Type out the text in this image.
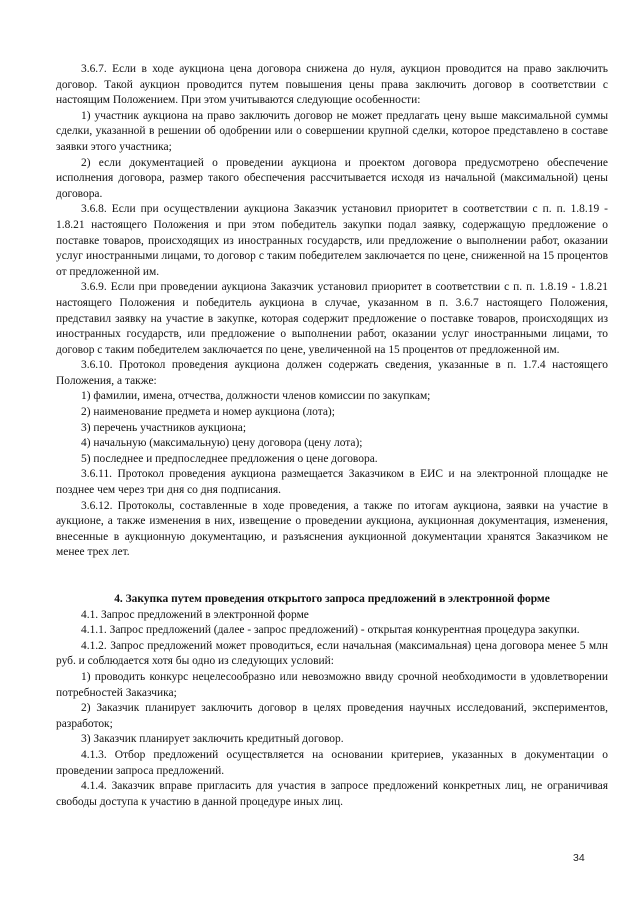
3.6.7. Если в ходе аукциона цена договора снижена до нуля, аукцион проводится на право заключить договор. Такой аукцион проводится путем повышения цены права заключить договор в соответствии с настоящим Положением. При этом учитываются следующие особенности:

1) участник аукциона на право заключить договор не может предлагать цену выше максимальной суммы сделки, указанной в решении об одобрении или о совершении крупной сделки, которое представлено в составе заявки этого участника;

2) если документацией о проведении аукциона и проектом договора предусмотрено обеспечение исполнения договора, размер такого обеспечения рассчитывается исходя из начальной (максимальной) цены договора.

3.6.8. Если при осуществлении аукциона Заказчик установил приоритет в соответствии с п. п. 1.8.19 - 1.8.21 настоящего Положения и при этом победитель закупки подал заявку, содержащую предложение о поставке товаров, происходящих из иностранных государств, или предложение о выполнении работ, оказании услуг иностранными лицами, то договор с таким победителем заключается по цене, сниженной на 15 процентов от предложенной им.

3.6.9. Если при проведении аукциона Заказчик установил приоритет в соответствии с п. п. 1.8.19 - 1.8.21 настоящего Положения и победитель аукциона в случае, указанном в п. 3.6.7 настоящего Положения, представил заявку на участие в закупке, которая содержит предложение о поставке товаров, происходящих из иностранных государств, или предложение о выполнении работ, оказании услуг иностранными лицами, то договор с таким победителем заключается по цене, увеличенной на 15 процентов от предложенной им.

3.6.10. Протокол проведения аукциона должен содержать сведения, указанные в п. 1.7.4 настоящего Положения, а также:

1) фамилии, имена, отчества, должности членов комиссии по закупкам;

2) наименование предмета и номер аукциона (лота);

3) перечень участников аукциона;

4) начальную (максимальную) цену договора (цену лота);

5) последнее и предпоследнее предложения о цене договора.

3.6.11. Протокол проведения аукциона размещается Заказчиком в ЕИС и на электронной площадке не позднее чем через три дня со дня подписания.

3.6.12. Протоколы, составленные в ходе проведения, а также по итогам аукциона, заявки на участие в аукционе, а также изменения в них, извещение о проведении аукциона, аукционная документация, изменения, внесенные в аукционную документацию, и разъяснения аукционной документации хранятся Заказчиком не менее трех лет.

4. Закупка путем проведения открытого запроса предложений в электронной форме

4.1. Запрос предложений в электронной форме

4.1.1. Запрос предложений (далее - запрос предложений) - открытая конкурентная процедура закупки.

4.1.2. Запрос предложений может проводиться, если начальная (максимальная) цена договора менее 5 млн руб. и соблюдается хотя бы одно из следующих условий:

1) проводить конкурс нецелесообразно или невозможно ввиду срочной необходимости в удовлетворении потребностей Заказчика;

2) Заказчик планирует заключить договор в целях проведения научных исследований, экспериментов, разработок;

3) Заказчик планирует заключить кредитный договор.

4.1.3. Отбор предложений осуществляется на основании критериев, указанных в документации о проведении запроса предложений.

4.1.4. Заказчик вправе пригласить для участия в запросе предложений конкретных лиц, не ограничивая свободы доступа к участию в данной процедуре иных лиц.

34
